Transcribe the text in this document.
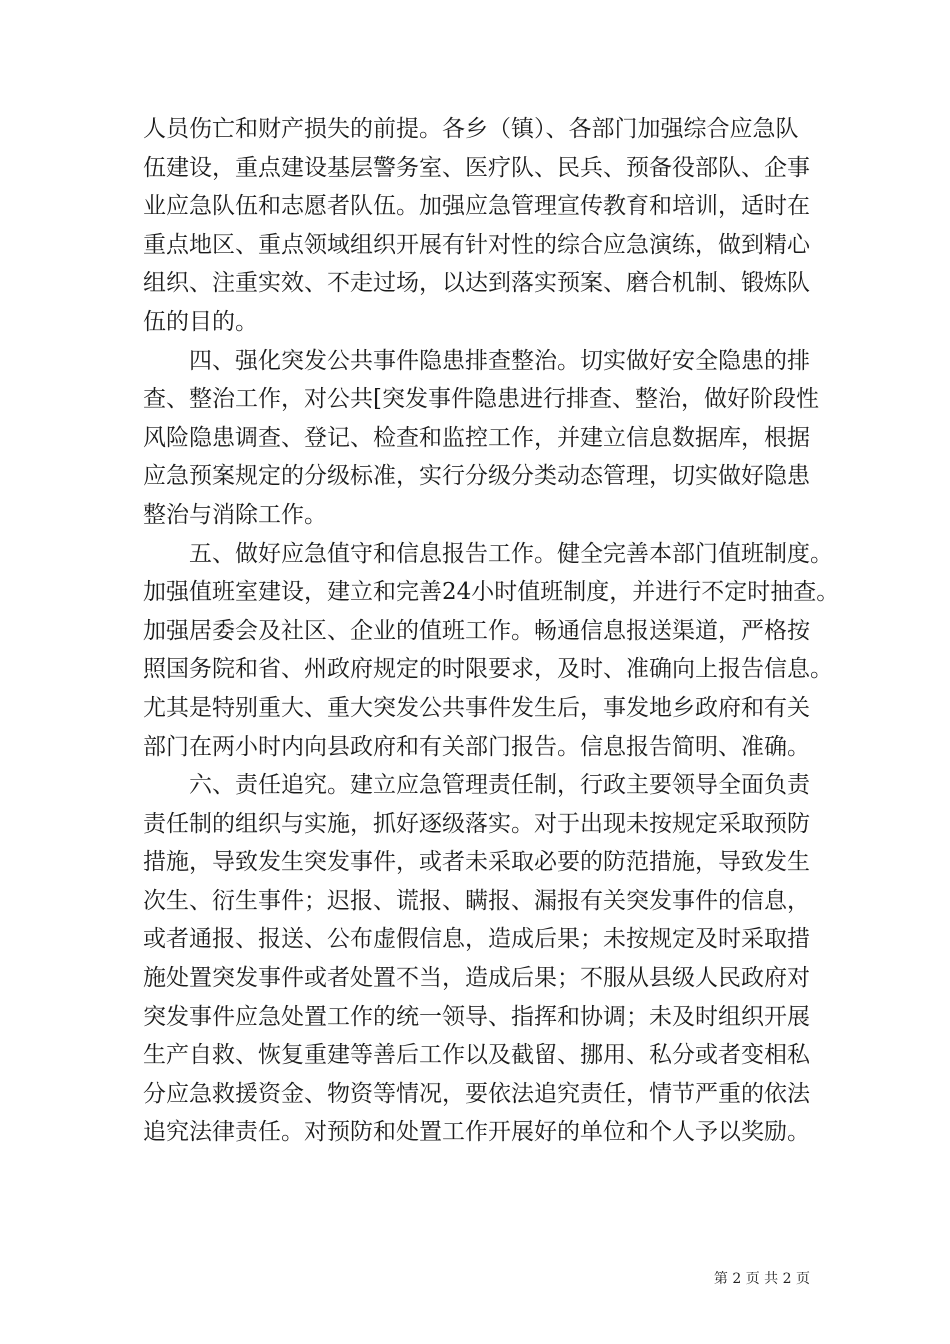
人员伤亡和财产损失的前提。各乡（镇）、各部门加强综合应急队
伍建设，重点建设基层警务室、医疗队、民兵、预备役部队、企事
业应急队伍和志愿者队伍。加强应急管理宣传教育和培训，适时在
重点地区、重点领域组织开展有针对性的综合应急演练，做到精心
组织、注重实效、不走过场，以达到落实预案、磨合机制、锻炼队
伍的目的。
四、强化突发公共事件隐患排查整治。切实做好安全隐患的排
查、整治工作，对公共[突发事件隐患进行排查、整治，做好阶段性
风险隐患调查、登记、检查和监控工作，并建立信息数据库，根据
应急预案规定的分级标准，实行分级分类动态管理，切实做好隐患
整治与消除工作。
五、做好应急值守和信息报告工作。健全完善本部门值班制度。
加强值班室建设，建立和完善24小时值班制度，并进行不定时抽查。
加强居委会及社区、企业的值班工作。畅通信息报送渠道，严格按
照国务院和省、州政府规定的时限要求，及时、准确向上报告信息。
尤其是特别重大、重大突发公共事件发生后，事发地乡政府和有关
部门在两小时内向县政府和有关部门报告。信息报告简明、准确。
六、责任追究。建立应急管理责任制，行政主要领导全面负责
责任制的组织与实施，抓好逐级落实。对于出现未按规定采取预防
措施，导致发生突发事件，或者未采取必要的防范措施，导致发生
次生、衍生事件；迟报、谎报、瞒报、漏报有关突发事件的信息，
或者通报、报送、公布虚假信息，造成后果；未按规定及时采取措
施处置突发事件或者处置不当，造成后果；不服从县级人民政府对
突发事件应急处置工作的统一领导、指挥和协调；未及时组织开展
生产自救、恢复重建等善后工作以及截留、挪用、私分或者变相私
分应急救援资金、物资等情况，要依法追究责任，情节严重的依法
追究法律责任。对预防和处置工作开展好的单位和个人予以奖励。
第 2 页 共 2 页
